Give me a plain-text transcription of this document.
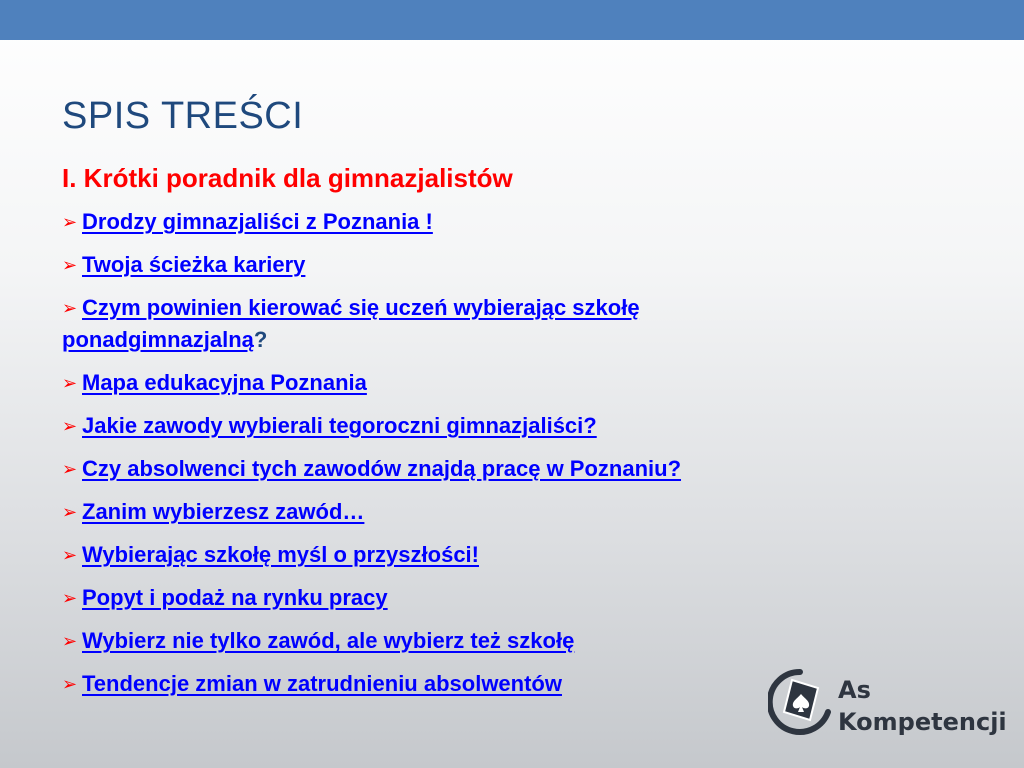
SPIS TREŚCI
I. Krótki poradnik dla gimnazjalistów
➢ Drodzy gimnazjaliści z Poznania !
➢ Twoja ścieżka kariery
➢ Czym powinien kierować się uczeń wybierając szkołę ponadgimnazjalną?
➢ Mapa edukacyjna Poznania
➢ Jakie zawody wybierali tegoroczni gimnazjaliści?
➢ Czy absolwenci tych zawodów znajdą pracę w Poznaniu?
➢ Zanim wybierzesz zawód…
➢ Wybierając szkołę myśl o przyszłości!
➢ Popyt i podaż na rynku pracy
➢ Wybierz nie tylko zawód, ale wybierz też szkołę
➢ Tendencje zmian w zatrudnieniu absolwentów	As
Kompetencji
